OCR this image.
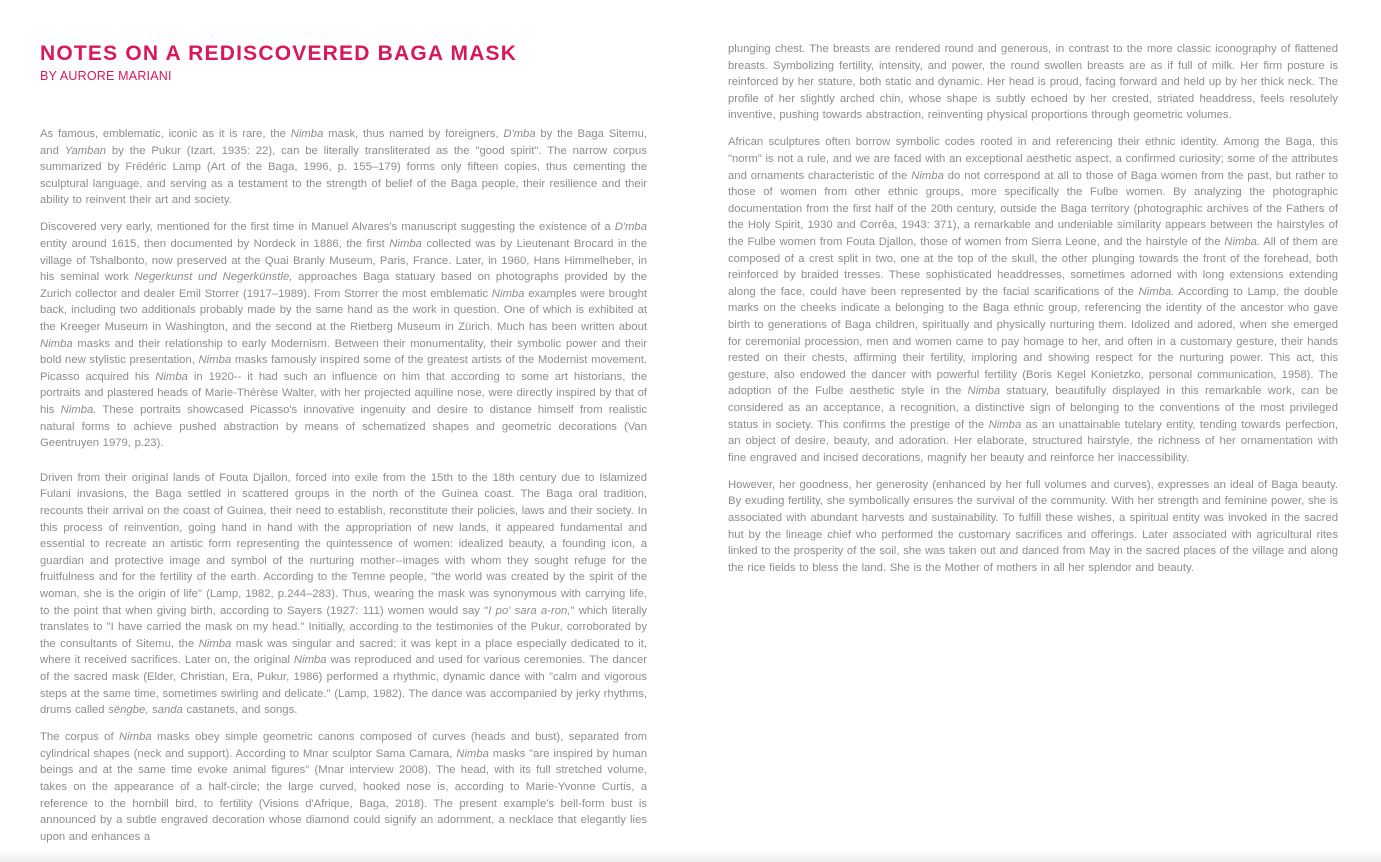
NOTES ON A REDISCOVERED BAGA MASK
BY AURORE MARIANI

As famous, emblematic, iconic as it is rare, the Nimba mask, thus named by foreigners, D'mba by the Baga Sitemu, and Yamban by the Pukur (Izart, 1935: 22), can be literally transliterated as the "good spirit". The narrow corpus summarized by Frédéric Lamp (Art of the Baga, 1996, p. 155–179) forms only fifteen copies, thus cementing the sculptural language, and serving as a testament to the strength of belief of the Baga people, their resilience and their ability to reinvent their art and society.

Discovered very early, mentioned for the first time in Manuel Alvares's manuscript suggesting the existence of a D'mba entity around 1615, then documented by Nordeck in 1886, the first Nimba collected was by Lieutenant Brocard in the village of Tshalbonto, now preserved at the Quai Branly Museum, Paris, France. Later, in 1960, Hans Himmelheber, in his seminal work Negerkunst und Negerkünstle, approaches Baga statuary based on photographs provided by the Zurich collector and dealer Emil Storrer (1917–1989). From Storrer the most emblematic Nimba examples were brought back, including two additionals probably made by the same hand as the work in question. One of which is exhibited at the Kreeger Museum in Washington, and the second at the Rietberg Museum in Zürich. Much has been written about Nimba masks and their relationship to early Modernism. Between their monumentality, their symbolic power and their bold new stylistic presentation, Nimba masks famously inspired some of the greatest artists of the Modernist movement. Picasso acquired his Nimba in 1920-- it had such an influence on him that according to some art historians, the portraits and plastered heads of Marie-Thérèse Walter, with her projected aquiline nose, were directly inspired by that of his Nimba. These portraits showcased Picasso's innovative ingenuity and desire to distance himself from realistic natural forms to achieve pushed abstraction by means of schematized shapes and geometric decorations (Van Geentruyen 1979, p.23).

Driven from their original lands of Fouta Djallon, forced into exile from the 15th to the 18th century due to Islamized Fulani invasions, the Baga settled in scattered groups in the north of the Guinea coast. The Baga oral tradition, recounts their arrival on the coast of Guinea, their need to establish, reconstitute their policies, laws and their society. In this process of reinvention, going hand in hand with the appropriation of new lands, it appeared fundamental and essential to recreate an artistic form representing the quintessence of women: idealized beauty, a founding icon, a guardian and protective image and symbol of the nurturing mother--images with whom they sought refuge for the fruitfulness and for the fertility of the earth. According to the Temne people, "the world was created by the spirit of the woman, she is the origin of life" (Lamp, 1982, p.244–283). Thus, wearing the mask was synonymous with carrying life, to the point that when giving birth, according to Sayers (1927: 111) women would say "I po' sara a-ron," which literally translates to "I have carried the mask on my head." Initially, according to the testimonies of the Pukur, corroborated by the consultants of Sitemu, the Nimba mask was singular and sacred; it was kept in a place especially dedicated to it, where it received sacrifices. Later on, the original Nimba was reproduced and used for various ceremonies. The dancer of the sacred mask (Elder, Christian, Era, Pukur, 1986) performed a rhythmic, dynamic dance with "calm and vigorous steps at the same time, sometimes swirling and delicate." (Lamp, 1982). The dance was accompanied by jerky rhythms, drums called sëngbe, sanda castanets, and songs.

The corpus of Nimba masks obey simple geometric canons composed of curves (heads and bust), separated from cylindrical shapes (neck and support). According to Mnar sculptor Sama Camara, Nimba masks "are inspired by human beings and at the same time evoke animal figures" (Mnar interview 2008). The head, with its full stretched volume, takes on the appearance of a half-circle; the large curved, hooked nose is, according to Marie-Yvonne Curtis, a reference to the hornbill bird, to fertility (Visions d'Afrique, Baga, 2018). The present example's bell-form bust is announced by a subtle engraved decoration whose diamond could signify an adornment, a necklace that elegantly lies upon and enhances a

plunging chest. The breasts are rendered round and generous, in contrast to the more classic iconography of flattened breasts. Symbolizing fertility, intensity, and power, the round swollen breasts are as if full of milk. Her firm posture is reinforced by her stature, both static and dynamic. Her head is proud, facing forward and held up by her thick neck. The profile of her slightly arched chin, whose shape is subtly echoed by her crested, striated headdress, feels resolutely inventive, pushing towards abstraction, reinventing physical proportions through geometric volumes.

African sculptures often borrow symbolic codes rooted in and referencing their ethnic identity. Among the Baga, this "norm" is not a rule, and we are faced with an exceptional aesthetic aspect, a confirmed curiosity; some of the attributes and ornaments characteristic of the Nimba do not correspond at all to those of Baga women from the past, but rather to those of women from other ethnic groups, more specifically the Fulbe women. By analyzing the photographic documentation from the first half of the 20th century, outside the Baga territory (photographic archives of the Fathers of the Holy Spirit, 1930 and Corrêa, 1943: 371), a remarkable and undeniable similarity appears between the hairstyles of the Fulbe women from Fouta Djallon, those of women from Sierra Leone, and the hairstyle of the Nimba. All of them are composed of a crest split in two, one at the top of the skull, the other plunging towards the front of the forehead, both reinforced by braided tresses. These sophisticated headdresses, sometimes adorned with long extensions extending along the face, could have been represented by the facial scarifications of the Nimba. According to Lamp, the double marks on the cheeks indicate a belonging to the Baga ethnic group, referencing the identity of the ancestor who gave birth to generations of Baga children, spiritually and physically nurturing them. Idolized and adored, when she emerged for ceremonial procession, men and women came to pay homage to her, and often in a customary gesture, their hands rested on their chests, affirming their fertility, imploring and showing respect for the nurturing power. This act, this gesture, also endowed the dancer with powerful fertility (Boris Kegel Konietzko, personal communication, 1958). The adoption of the Fulbe aesthetic style in the Nimba statuary, beautifully displayed in this remarkable work, can be considered as an acceptance, a recognition, a distinctive sign of belonging to the conventions of the most privileged status in society. This confirms the prestige of the Nimba as an unattainable tutelary entity, tending towards perfection, an object of desire, beauty, and adoration. Her elaborate, structured hairstyle, the richness of her ornamentation with fine engraved and incised decorations, magnify her beauty and reinforce her inaccessibility.

However, her goodness, her generosity (enhanced by her full volumes and curves), expresses an ideal of Baga beauty. By exuding fertility, she symbolically ensures the survival of the community. With her strength and feminine power, she is associated with abundant harvests and sustainability. To fulfill these wishes, a spiritual entity was invoked in the sacred hut by the lineage chief who performed the customary sacrifices and offerings. Later associated with agricultural rites linked to the prosperity of the soil, she was taken out and danced from May in the sacred places of the village and along the rice fields to bless the land. She is the Mother of mothers in all her splendor and beauty.
